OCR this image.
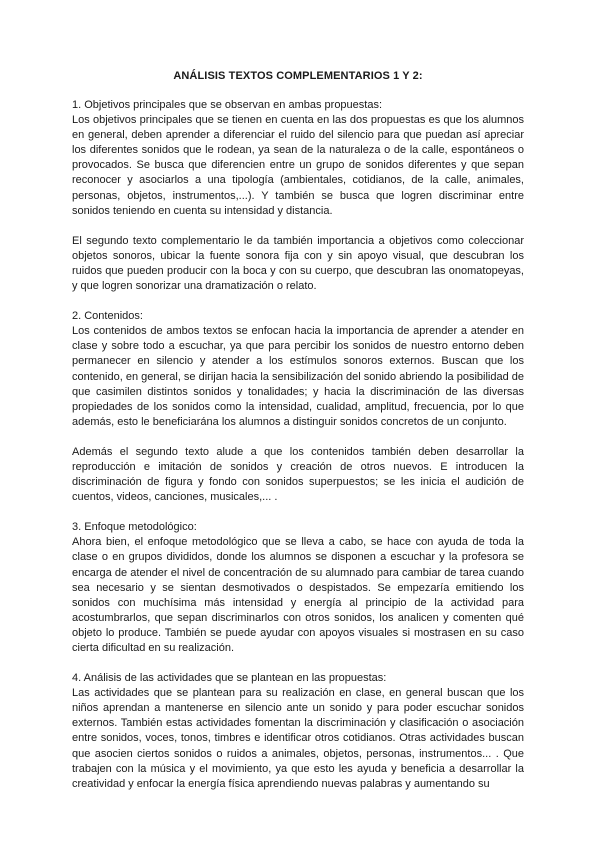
ANÁLISIS TEXTOS COMPLEMENTARIOS 1 Y 2:

1. Objetivos principales que se observan en ambas propuestas:

Los objetivos principales que se tienen en cuenta en las dos propuestas es que los alumnos en general, deben aprender a diferenciar el ruido del silencio para que puedan así apreciar los diferentes sonidos que le rodean, ya sean de la naturaleza o de la calle, espontáneos o provocados. Se busca que diferencien entre un grupo de sonidos diferentes y que sepan reconocer y asociarlos a una tipología (ambientales, cotidianos, de la calle, animales, personas, objetos, instrumentos,...). Y también se busca que logren discriminar entre sonidos teniendo en cuenta su intensidad y distancia.

El segundo texto complementario le da también importancia a objetivos como coleccionar objetos sonoros, ubicar la fuente sonora fija con y sin apoyo visual, que descubran los ruidos que pueden producir con la boca y con su cuerpo, que descubran las onomatopeyas, y que logren sonorizar una dramatización o relato.

2. Contenidos:

Los contenidos de ambos textos se enfocan hacia la importancia de aprender a atender en clase y sobre todo a escuchar, ya que para percibir los sonidos de nuestro entorno deben permanecer en silencio y atender a los estímulos sonoros externos. Buscan que los contenido, en general, se dirijan hacia la sensibilización del sonido abriendo la posibilidad de que casimilen distintos sonidos y tonalidades; y hacia la discriminación de las diversas propiedades de los sonidos como la intensidad, cualidad, amplitud, frecuencia, por lo que además, esto le beneficiarána los alumnos a distinguir sonidos concretos de un conjunto.

Además el segundo texto alude a que los contenidos también deben desarrollar la reproducción e imitación de sonidos y creación de otros nuevos. E introducen la discriminación de figura y fondo con sonidos superpuestos; se les inicia el audición de cuentos, videos, canciones, musicales,... .

3. Enfoque metodológico:

Ahora bien, el enfoque metodológico que se lleva a cabo, se hace con ayuda de toda la clase o en grupos divididos, donde los alumnos se disponen a escuchar y la profesora se encarga de atender el nivel de concentración de su alumnado para cambiar de tarea cuando sea necesario y se sientan desmotivados o despistados. Se empezaría emitiendo los sonidos con muchísima más intensidad y energía al principio de la actividad para acostumbrarlos, que sepan discriminarlos con otros sonidos, los analicen y comenten qué objeto lo produce. También se puede ayudar con apoyos visuales si mostrasen en su caso cierta dificultad en su realización.

4. Análisis de las actividades que se plantean en las propuestas:

Las actividades que se plantean para su realización en clase, en general buscan que los niños aprendan a mantenerse en silencio ante un sonido y para poder escuchar sonidos externos. También estas actividades fomentan la discriminación y clasificación o asociación entre sonidos, voces, tonos, timbres e identificar otros cotidianos. Otras actividades buscan que asocien ciertos sonidos o ruidos a animales, objetos, personas, instrumentos... . Que trabajen con la música y el movimiento, ya que esto les ayuda y beneficia a desarrollar la creatividad y enfocar la energía física aprendiendo nuevas palabras y aumentando su
